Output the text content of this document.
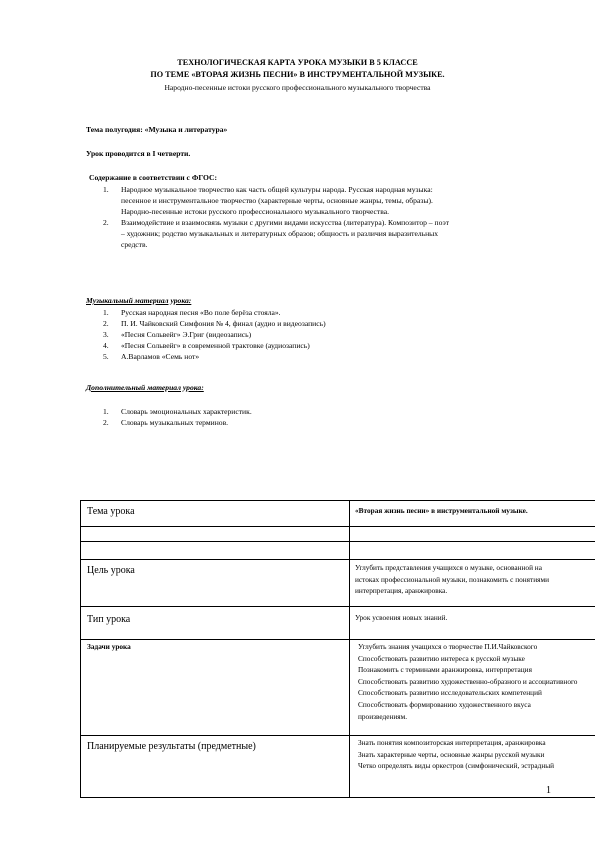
ТЕХНОЛОГИЧЕСКАЯ КАРТА УРОКА МУЗЫКИ В 5 КЛАССЕ
ПО ТЕМЕ «ВТОРАЯ ЖИЗНЬ ПЕСНИ» В ИНСТРУМЕНТАЛЬНОЙ МУЗЫКЕ.
Народно-песенные истоки русского профессионального музыкального творчества
Тема полугодия: «Музыка и литература»
Урок проводится в I четверти.
Содержание в соответствии с ФГОС:
1. Народное музыкальное творчество как часть общей культуры народа. Русская народная музыка:
песенное и инструментальное творчество (характерные черты, основные жанры, темы, образы).
Народно-песенные истоки русского профессионального музыкального творчества.
2. Взаимодействие и взаимосвязь музыки с другими видами искусства (литература). Композитор – поэт
– художник; родство музыкальных и литературных образов; общность и различия выразительных
средств.
Музыкальный материал урока:
1. Русская народная песня «Во поле берёза стояла».
2. П. И. Чайковский Симфония № 4, финал (аудио и видеозапись)
3. «Песня Сольвейг» Э.Григ (видеозапись)
4. «Песня Сольвейг» в современной трактовке (аудиозапись)
5. А.Варламов «Семь нот»
Дополнительный материал урока:
1. Словарь эмоциональных характеристик.
2. Словарь музыкальных терминов.
Тема урока	«Вторая жизнь песни» в инструментальной музыке.
Цель урока	Углубить представления учащихся о музыке, основанной на
истоках профессиональной музыки, познакомить с понятиями
интерпретация, аранжировка.
Тип урока	Урок усвоения новых знаний.
Задачи урока	Углубить знания учащихся о творчестве П.И.Чайковского
Способствовать развитию интереса к русской музыке
Познакомить с терминами аранжировка, интерпретация
Способствовать развитию художественно-образного и ассоциативного
Способствовать развитию исследовательских компетенций
Способствовать формированию художественного вкуса
произведениям.
Планируемые результаты (предметные)	Знать понятия композиторская интерпретация, аранжировка
Знать характерные черты, основные жанры русской музыки
Четко определять виды оркестров (симфонический, эстрадный
1
